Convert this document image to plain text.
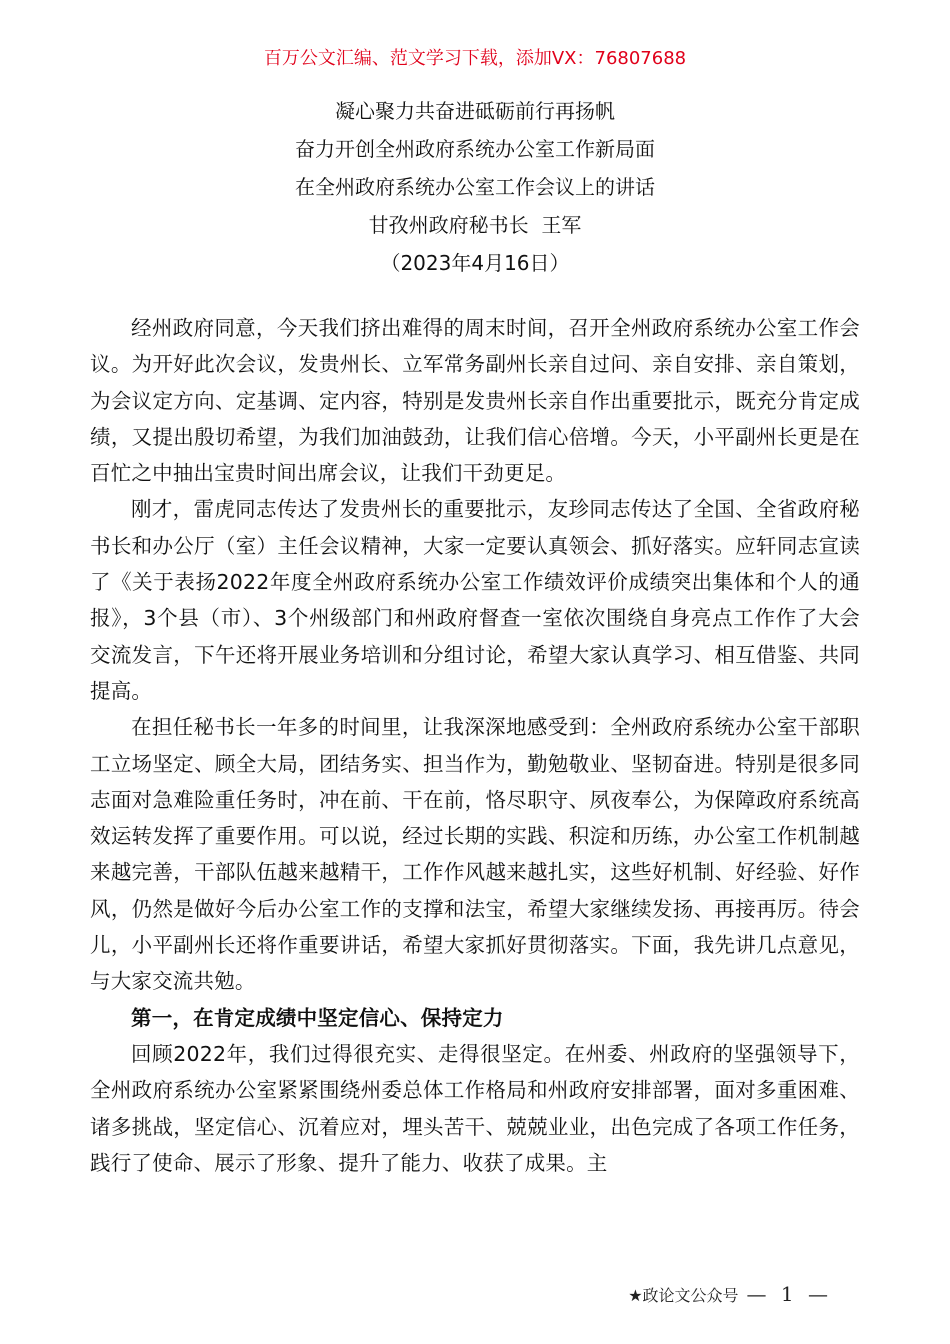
百万公文汇编、范文学习下载，添加VX：76807688
凝心聚力共奋进砥砺前行再扬帆
奋力开创全州政府系统办公室工作新局面
在全州政府系统办公室工作会议上的讲话
甘孜州政府秘书长  王军
（2023年4月16日）

经州政府同意，今天我们挤出难得的周末时间，召开全州政府系统办公室工作会议。为开好此次会议，发贵州长、立军常务副州长亲自过问、亲自安排、亲自策划，为会议定方向、定基调、定内容，特别是发贵州长亲自作出重要批示，既充分肯定成绩，又提出殷切希望，为我们加油鼓劲，让我们信心倍增。今天，小平副州长更是在百忙之中抽出宝贵时间出席会议，让我们干劲更足。

刚才，雷虎同志传达了发贵州长的重要批示，友珍同志传达了全国、全省政府秘书长和办公厅（室）主任会议精神，大家一定要认真领会、抓好落实。应轩同志宣读了《关于表扬2022年度全州政府系统办公室工作绩效评价成绩突出集体和个人的通报》，3个县（市）、3个州级部门和州政府督查一室依次围绕自身亮点工作作了大会交流发言，下午还将开展业务培训和分组讨论，希望大家认真学习、相互借鉴、共同提高。

在担任秘书长一年多的时间里，让我深深地感受到：全州政府系统办公室干部职工立场坚定、顾全大局，团结务实、担当作为，勤勉敬业、坚韧奋进。特别是很多同志面对急难险重任务时，冲在前、干在前，恪尽职守、夙夜奉公，为保障政府系统高效运转发挥了重要作用。可以说，经过长期的实践、积淀和历练，办公室工作机制越来越完善，干部队伍越来越精干，工作作风越来越扎实，这些好机制、好经验、好作风，仍然是做好今后办公室工作的支撑和法宝，希望大家继续发扬、再接再厉。待会儿，小平副州长还将作重要讲话，希望大家抓好贯彻落实。下面，我先讲几点意见，与大家交流共勉。

第一，在肯定成绩中坚定信心、保持定力

回顾2022年，我们过得很充实、走得很坚定。在州委、州政府的坚强领导下，全州政府系统办公室紧紧围绕州委总体工作格局和州政府安排部署，面对多重困难、诸多挑战，坚定信心、沉着应对，埋头苦干、兢兢业业，出色完成了各项工作任务，践行了使命、展示了形象、提升了能力、收获了成果。主

★政论文公众号 — 1 —
